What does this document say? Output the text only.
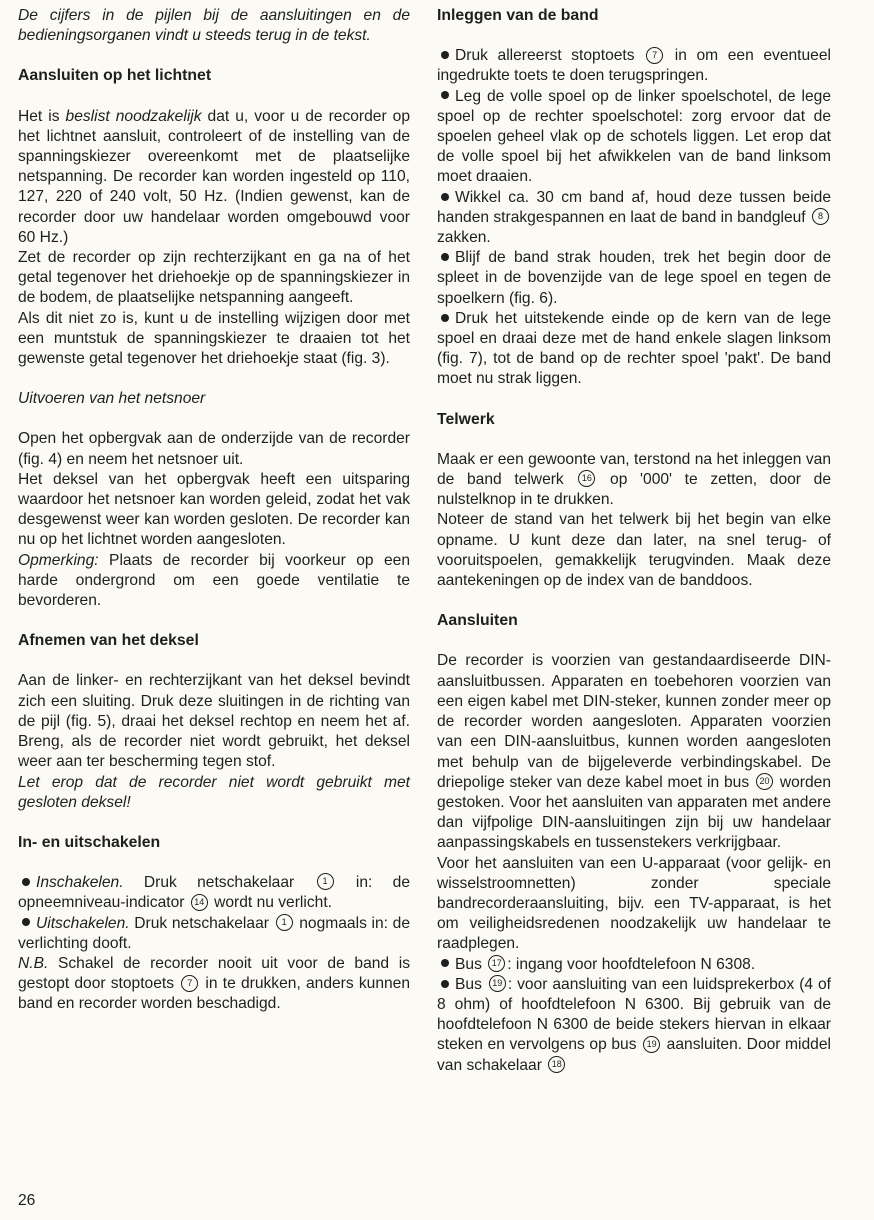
De cijfers in de pijlen bij de aansluitingen en de bedieningsorganen vindt u steeds terug in de tekst.

Aansluiten op het lichtnet

Het is beslist noodzakelijk dat u, voor u de recorder op het lichtnet aansluit, controleert of de instelling van de spanningskiezer overeenkomt met de plaatselijke netspanning. De recorder kan worden ingesteld op 110, 127, 220 of 240 volt, 50 Hz. (Indien gewenst, kan de recorder door uw handelaar worden omgebouwd voor 60 Hz.)

Zet de recorder op zijn rechterzijkant en ga na of het getal tegenover het driehoekje op de spanningskiezer in de bodem, de plaatselijke netspanning aangeeft.

Als dit niet zo is, kunt u de instelling wijzigen door met een muntstuk de spanningskiezer te draaien tot het gewenste getal tegenover het driehoekje staat (fig. 3).

Uitvoeren van het netsnoer

Open het opbergvak aan de onderzijde van de recorder (fig. 4) en neem het netsnoer uit.

Het deksel van het opbergvak heeft een uitsparing waardoor het netsnoer kan worden geleid, zodat het vak desgewenst weer kan worden gesloten. De recorder kan nu op het lichtnet worden aangesloten.

Opmerking: Plaats de recorder bij voorkeur op een harde ondergrond om een goede ventilatie te bevorderen.

Afnemen van het deksel

Aan de linker- en rechterzijkant van het deksel bevindt zich een sluiting. Druk deze sluitingen in de richting van de pijl (fig. 5), draai het deksel rechtop en neem het af. Breng, als de recorder niet wordt gebruikt, het deksel weer aan ter bescherming tegen stof.

Let erop dat de recorder niet wordt gebruikt met gesloten deksel!

In- en uitschakelen

Inschakelen. Druk netschakelaar 1 in: de opneemniveau-indicator 14 wordt nu verlicht.

Uitschakelen. Druk netschakelaar 1 nogmaals in: de verlichting dooft.

N.B. Schakel de recorder nooit uit voor de band is gestopt door stoptoets 7 in te drukken, anders kunnen band en recorder worden beschadigd.

Inleggen van de band

Druk allereerst stoptoets 7 in om een eventueel ingedrukte toets te doen terugspringen.

Leg de volle spoel op de linker spoelschotel, de lege spoel op de rechter spoelschotel: zorg ervoor dat de spoelen geheel vlak op de schotels liggen. Let erop dat de volle spoel bij het afwikkelen van de band linksom moet draaien.

Wikkel ca. 30 cm band af, houd deze tussen beide handen strakgespannen en laat de band in bandgleuf 8 zakken.

Blijf de band strak houden, trek het begin door de spleet in de bovenzijde van de lege spoel en tegen de spoelkern (fig. 6).

Druk het uitstekende einde op de kern van de lege spoel en draai deze met de hand enkele slagen linksom (fig. 7), tot de band op de rechter spoel 'pakt'. De band moet nu strak liggen.

Telwerk

Maak er een gewoonte van, terstond na het inleggen van de band telwerk 16 op '000' te zetten, door de nulstelknop in te drukken.

Noteer de stand van het telwerk bij het begin van elke opname. U kunt deze dan later, na snel terug- of vooruitspoelen, gemakkelijk terugvinden. Maak deze aantekeningen op de index van de banddoos.

Aansluiten

De recorder is voorzien van gestandaardiseerde DIN-aansluitbussen. Apparaten en toebehoren voorzien van een eigen kabel met DIN-steker, kunnen zonder meer op de recorder worden aangesloten. Apparaten voorzien van een DIN-aansluitbus, kunnen worden aangesloten met behulp van de bijgeleverde verbindingskabel. De driepolige steker van deze kabel moet in bus 20 worden gestoken. Voor het aansluiten van apparaten met andere dan vijfpolige DIN-aansluitingen zijn bij uw handelaar aanpassingskabels en tussenstekers verkrijgbaar.

Voor het aansluiten van een U-apparaat (voor gelijk- en wisselstroomnetten) zonder speciale bandrecorderaansluiting, bijv. een TV-apparaat, is het om veiligheidsredenen noodzakelijk uw handelaar te raadplegen.

Bus 17 : ingang voor hoofdtelefoon N 6308.

Bus 19 : voor aansluiting van een luidsprekerbox (4 of 8 ohm) of hoofdtelefoon N 6300. Bij gebruik van de hoofdtelefoon N 6300 de beide stekers hiervan in elkaar steken en vervolgens op bus 19 aansluiten. Door middel van schakelaar 18

26
